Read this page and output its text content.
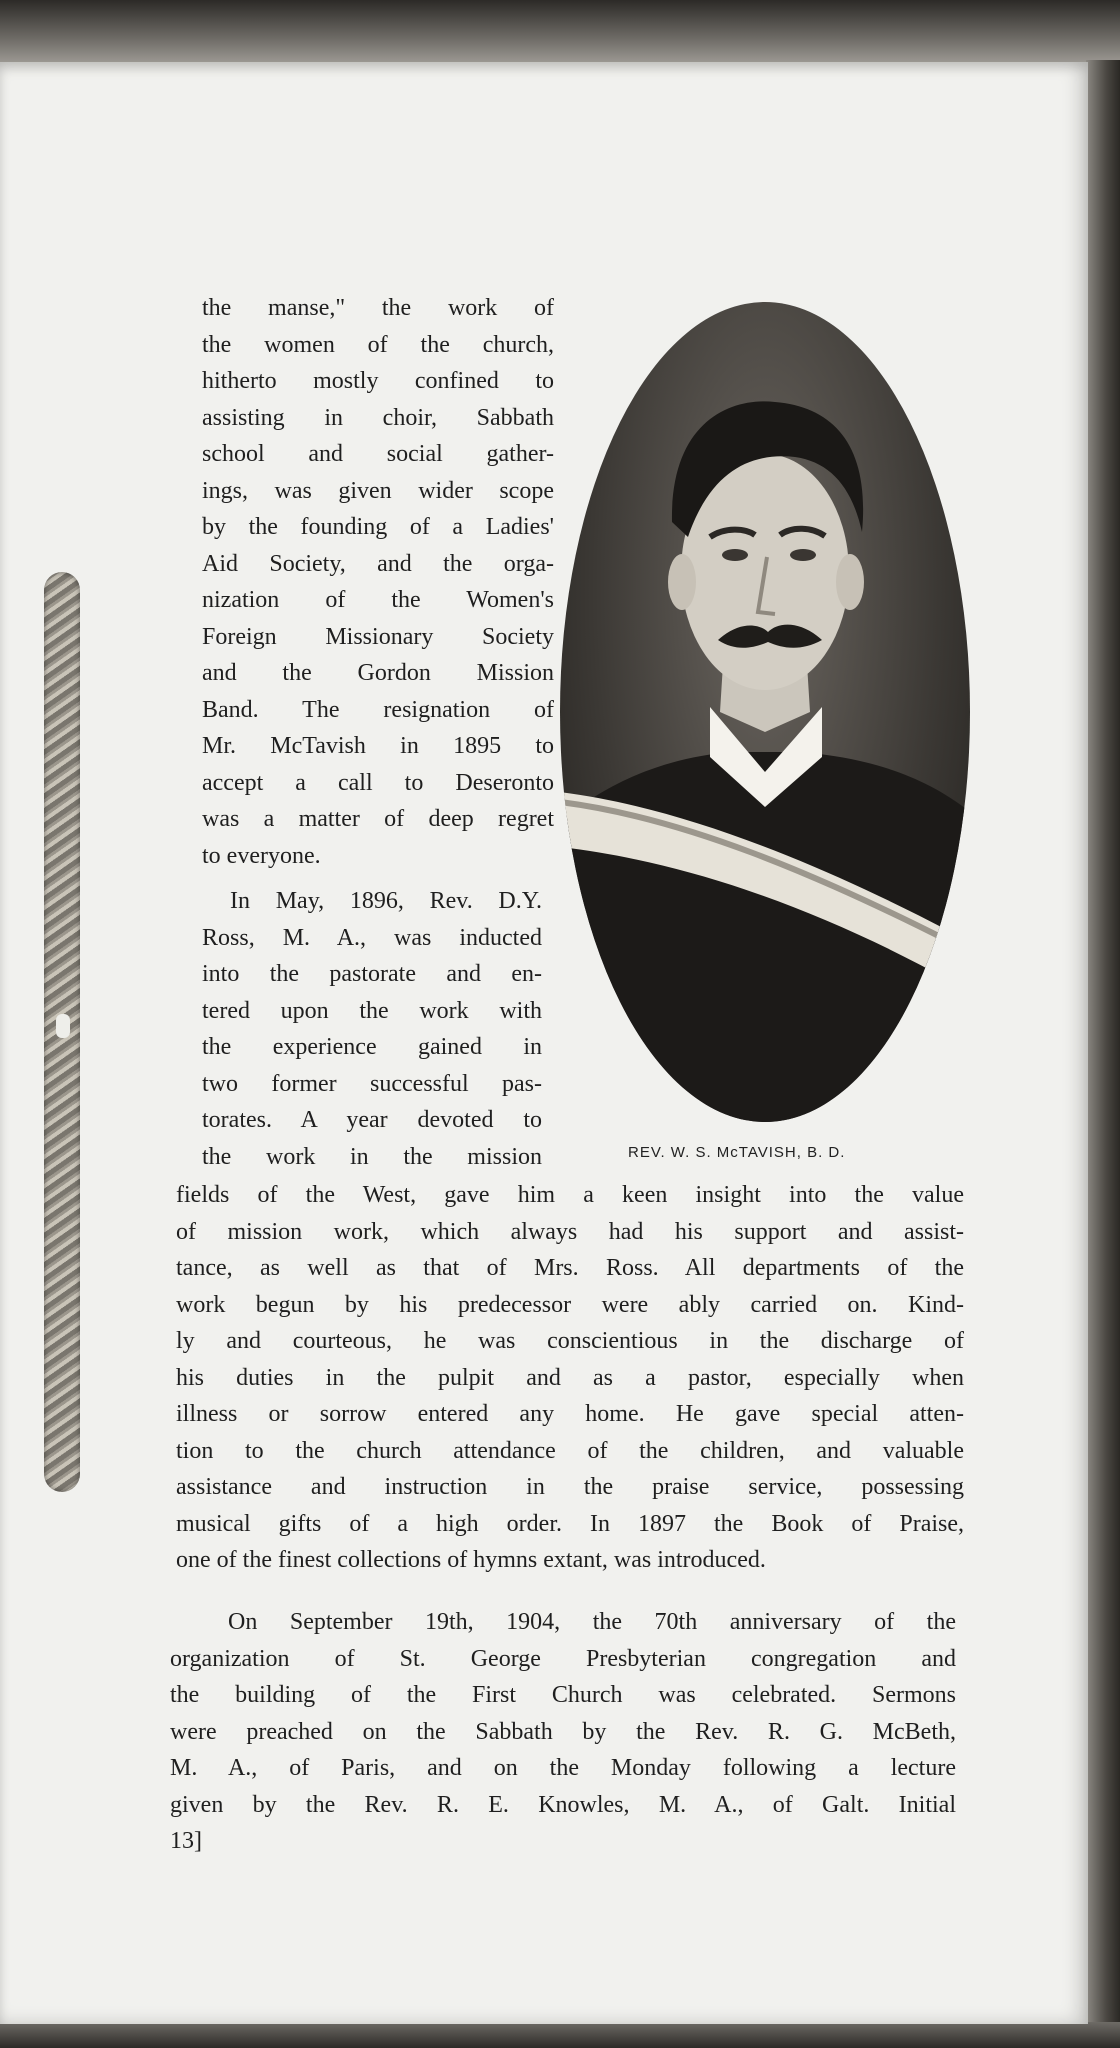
the manse," the work of
the women of the church,
hitherto mostly confined to
assisting in choir, Sabbath
school and social gather-
ings, was given wider scope
by the founding of a Ladies'
Aid Society, and the orga-
nization of the Women's
Foreign Missionary Society
and the Gordon Mission
Band. The resignation of
Mr. McTavish in 1895 to
accept a call to Deseronto
was a matter of deep regret
to everyone.

In May, 1896, Rev. D.Y.
Ross, M. A., was inducted
into the pastorate and en-
tered upon the work with
the experience gained in
two former successful pas-
torates. A year devoted to
the work in the mission	REV. W. S. McTAVISH, B. D.

fields of the West, gave him a keen insight into the value
of mission work, which always had his support and assist-
tance, as well as that of Mrs. Ross. All departments of the
work begun by his predecessor were ably carried on. Kind-
ly and courteous, he was conscientious in the discharge of
his duties in the pulpit and as a pastor, especially when
illness or sorrow entered any home. He gave special atten-
tion to the church attendance of the children, and valuable
assistance and instruction in the praise service, possessing
musical gifts of a high order. In 1897 the Book of Praise,
one of the finest collections of hymns extant, was introduced.

On September 19th, 1904, the 70th anniversary of the
organization of St. George Presbyterian congregation and
the building of the First Church was celebrated. Sermons
were preached on the Sabbath by the Rev. R. G. McBeth,
M. A., of Paris, and on the Monday following a lecture
given by the Rev. R. E. Knowles, M. A., of Galt. Initial
13]
